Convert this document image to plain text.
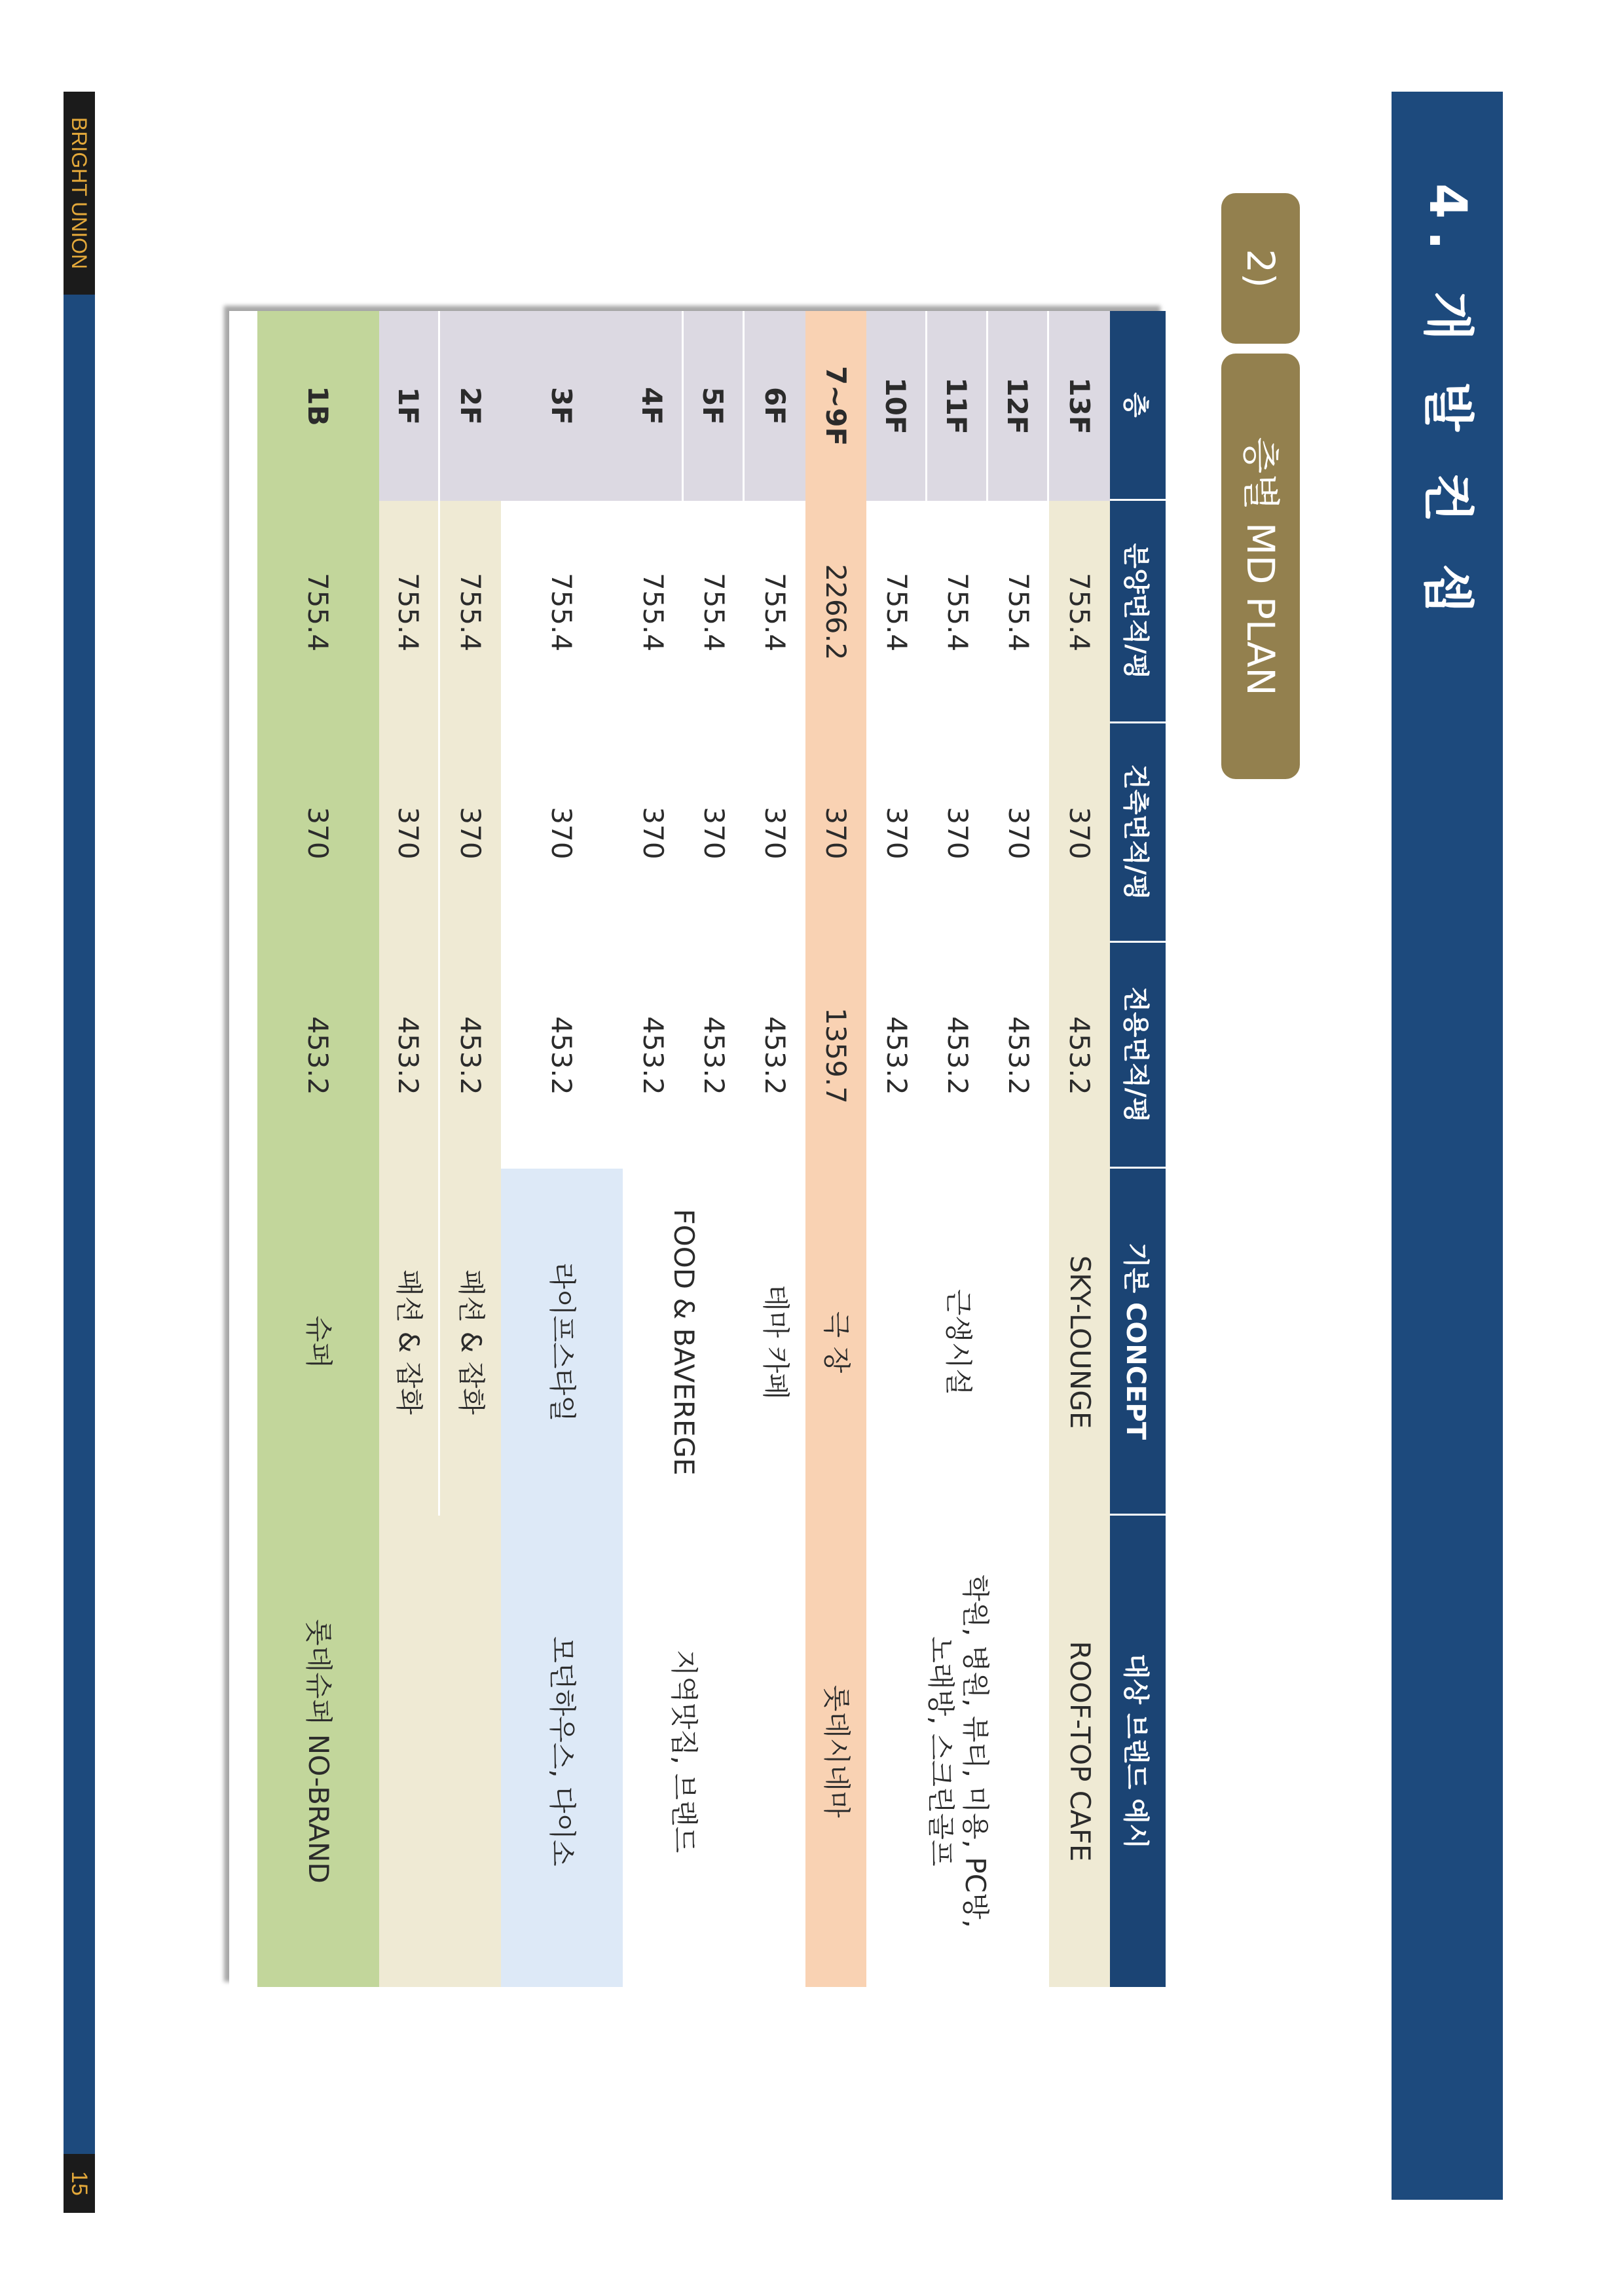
4. 개 발 컨 셉
2)
층별 MD PLAN
층
분양면적/평
건축면적/평
전용면적/평
기본 CONCEPT
대상 브랜드 예시
13F
755.4
370
453.2
SKY-LOUNGE
ROOF-TOP CAFE
12F
755.4
370
453.2
11F
755.4
370
453.2
10F
755.4
370
453.2
근생시설
학원, 병원, 뷰티, 미용, PC방,
노래방, 스크린골프
7~9F
2266.2
370
1359.7
극 장
롯데시네마
6F
755.4
370
453.2
테마 카페
5F
755.4
370
453.2
4F
755.4
370
453.2
FOOD & BAVEREGE
지역맛집, 브랜드
3F
755.4
370
453.2
라이프스타일
모던하우스, 다이소
2F
755.4
370
453.2
패션 & 잡화
1F
755.4
370
453.2
패션 & 잡화
1B
755.4
370
453.2
슈퍼
롯데슈퍼 NO-BRAND
BRIGHT UNION
15
